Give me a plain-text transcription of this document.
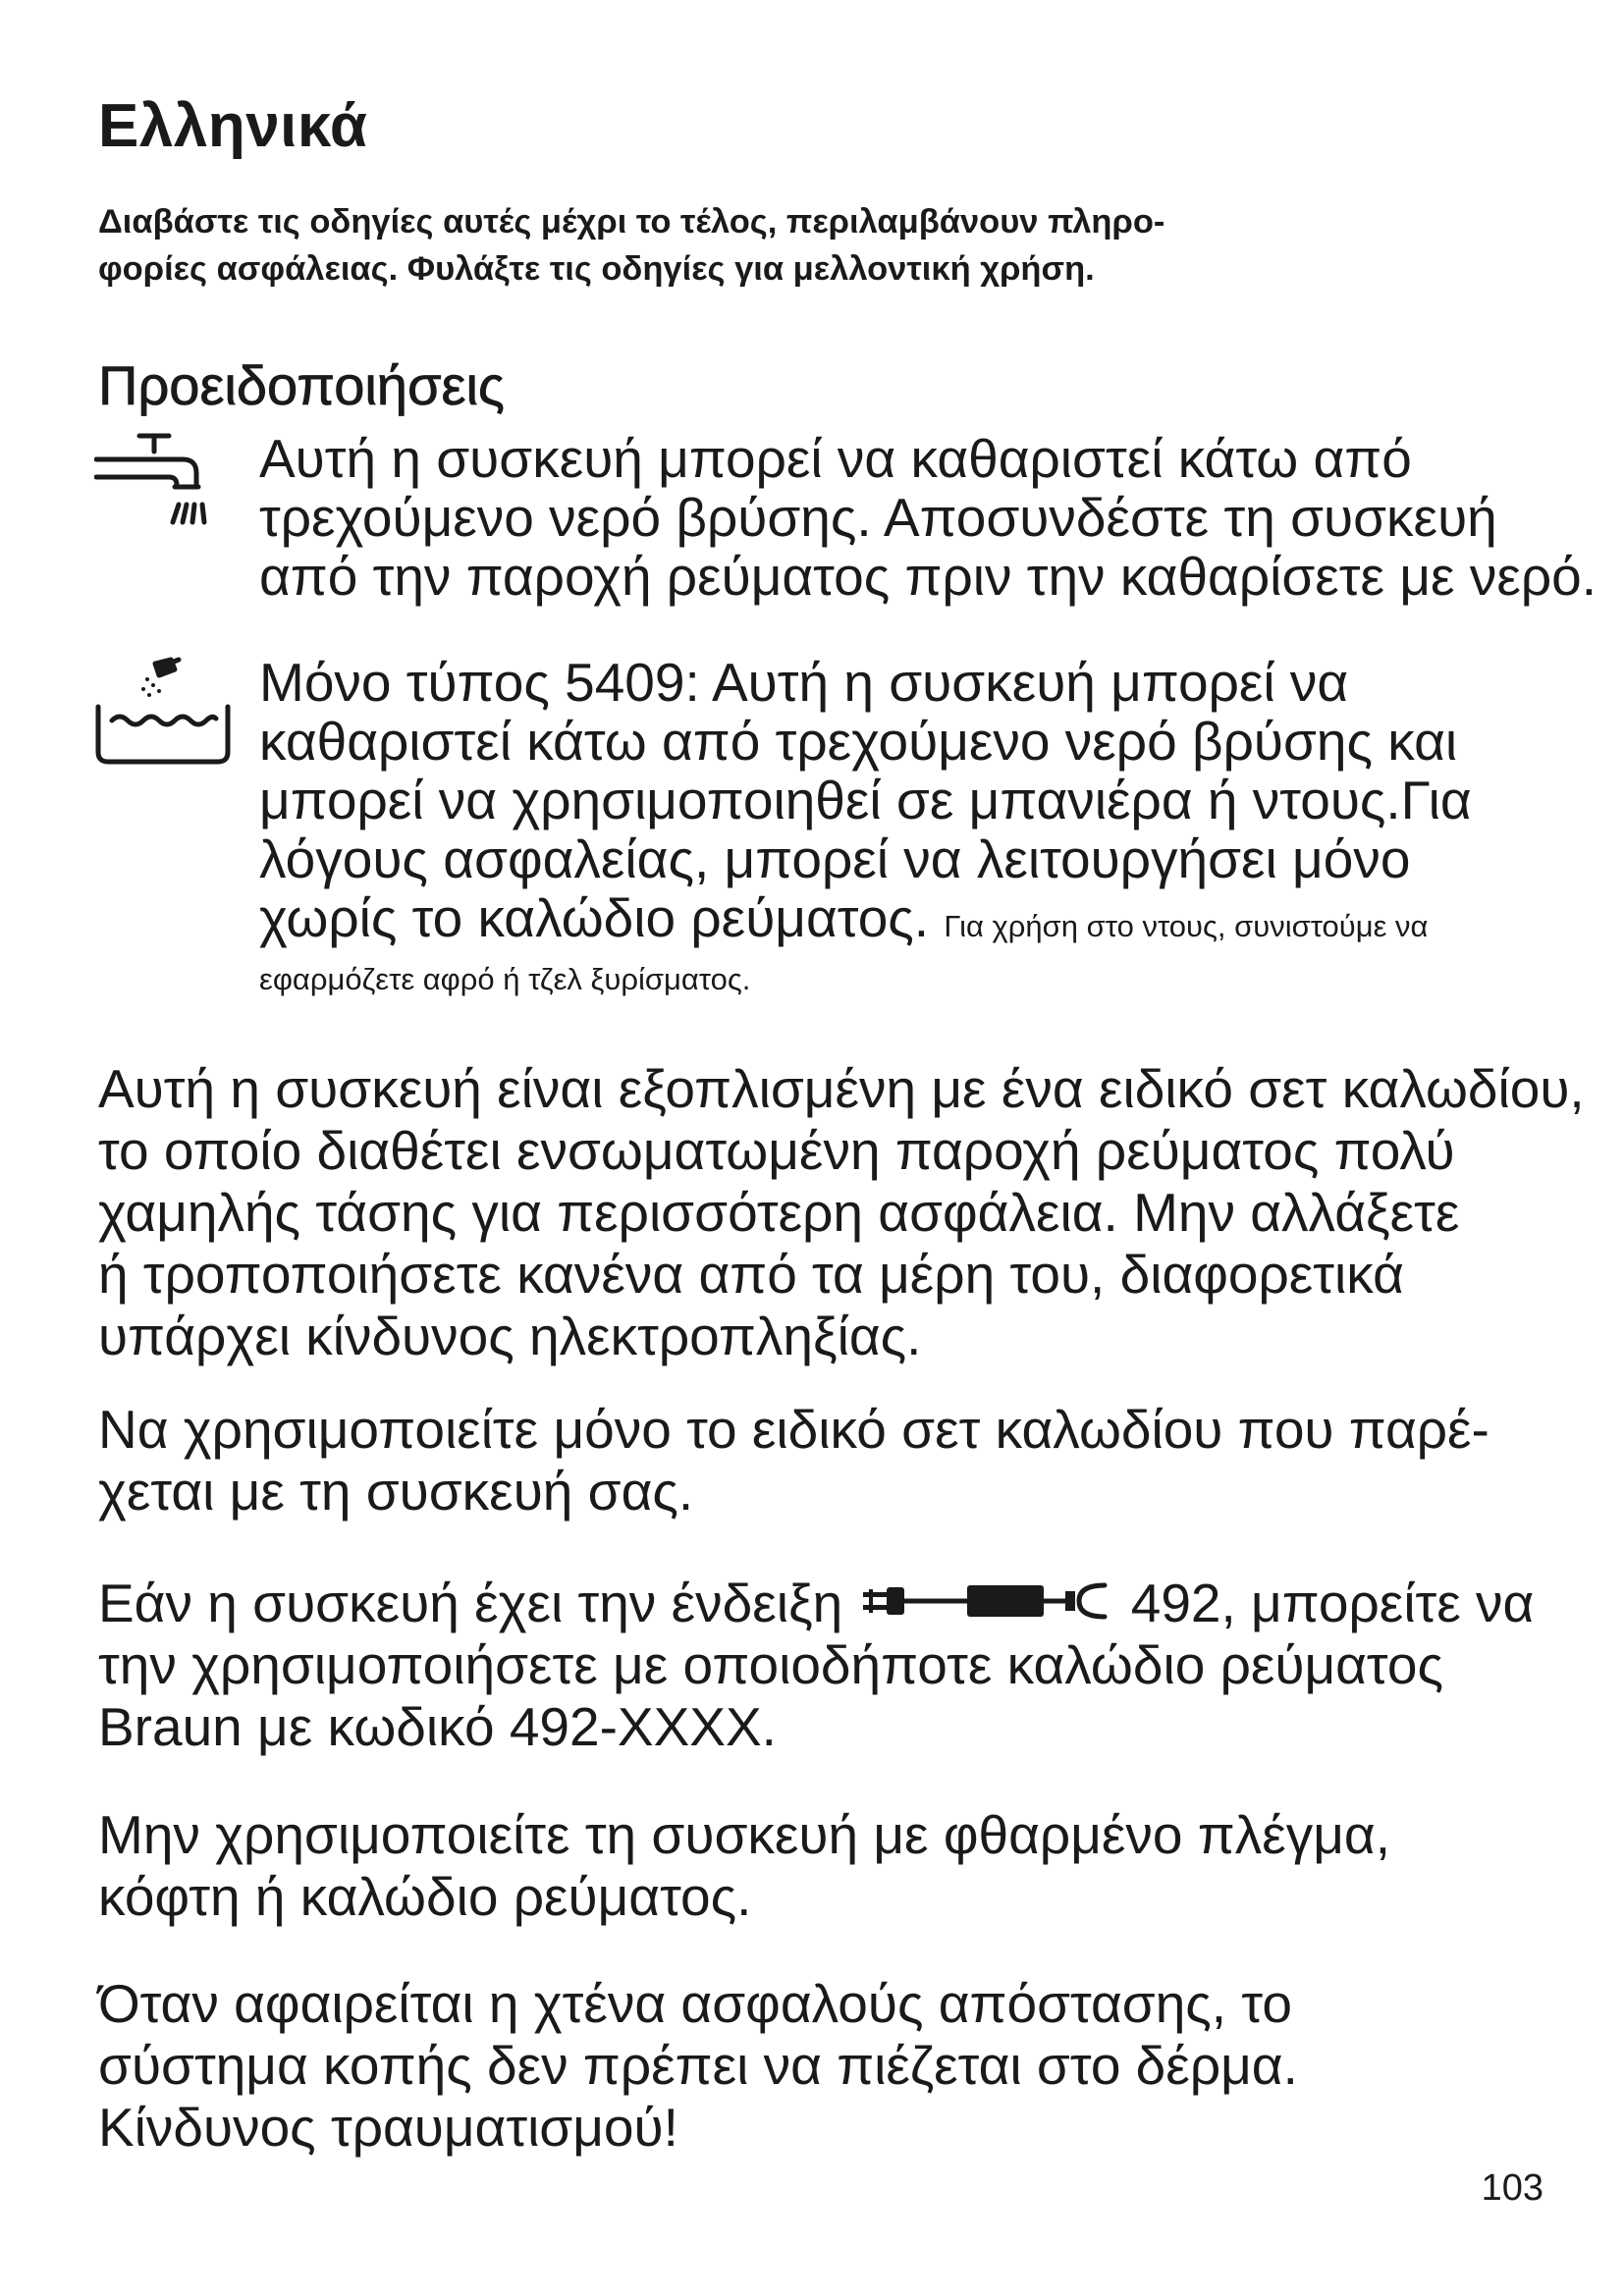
Ελληνικά

Διαβάστε τις οδηγίες αυτές μέχρι το τέλος, περιλαμβάνουν πληρο-
φορίες ασφάλειας. Φυλάξτε τις οδηγίες για μελλοντική χρήση.

Προειδοποιήσεις

Αυτή η συσκευή μπορεί να καθαριστεί κάτω από
τρεχούμενο νερό βρύσης. Αποσυνδέστε τη συσκευή
από την παροχή ρεύματος πριν την καθαρίσετε με νερό.

Μόνο τύπος 5409: Αυτή η συσκευή μπορεί να
καθαριστεί κάτω από τρεχούμενο νερό βρύσης και
μπορεί να χρησιμοποιηθεί σε μπανιέρα ή ντους.Για
λόγους ασφαλείας, μπορεί να λειτουργήσει μόνο
χωρίς το καλώδιο ρεύματος. Για χρήση στο ντους, συνιστούμε να
εφαρμόζετε αφρό ή τζελ ξυρίσματος.

Αυτή η συσκευή είναι εξοπλισμένη με ένα ειδικό σετ καλωδίου,
το οποίο διαθέτει ενσωματωμένη παροχή ρεύματος πολύ
χαμηλής τάσης για περισσότερη ασφάλεια. Μην αλλάξετε
ή τροποποιήσετε κανένα από τα μέρη του, διαφορετικά
υπάρχει κίνδυνος ηλεκτροπληξίας.

Να χρησιμοποιείτε μόνο το ειδικό σετ καλωδίου που παρέ-
χεται με τη συσκευή σας.

Εάν η συσκευή έχει την ένδειξη	492, μπορείτε να
την χρησιμοποιήσετε με οποιοδήποτε καλώδιο ρεύματος
Braun με κωδικό 492-XXXX.

Μην χρησιμοποιείτε τη συσκευή με φθαρμένο πλέγμα,
κόφτη ή καλώδιο ρεύματος.

Όταν αφαιρείται η χτένα ασφαλούς απόστασης, το
σύστημα κοπής δεν πρέπει να πιέζεται στο δέρμα.
Κίνδυνος τραυματισμού!

103
